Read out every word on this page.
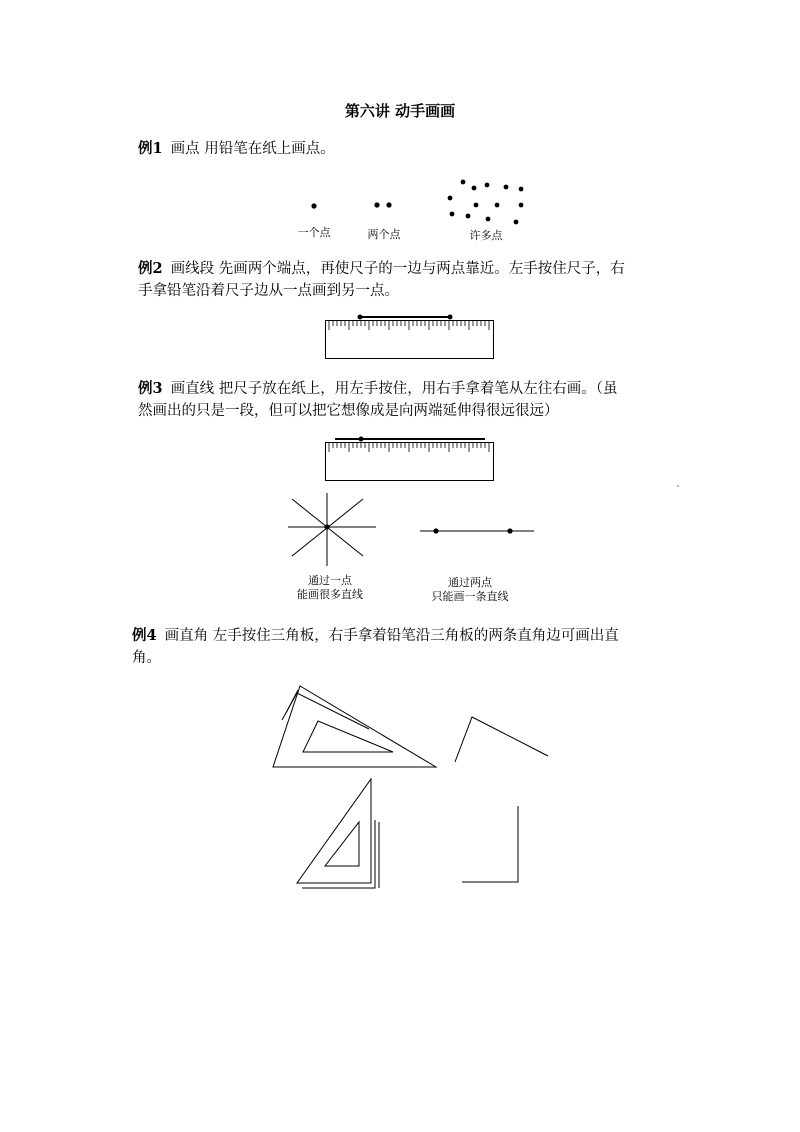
第六讲 动手画画
例1 画点 用铅笔在纸上画点。
一个点	两个点	许多点
例2 画线段 先画两个端点，再使尺子的一边与两点靠近。左手按住尺子，右
手拿铅笔沿着尺子边从一点画到另一点。
例3 画直线 把尺子放在纸上，用左手按住，用右手拿着笔从左往右画。（虽
然画出的只是一段，但可以把它想像成是向两端延伸得很远很远）
通过一点
能画很多直线
通过两点
只能画一条直线
例4 画直角 左手按住三角板，右手拿着铅笔沿三角板的两条直角边可画出直
角。
